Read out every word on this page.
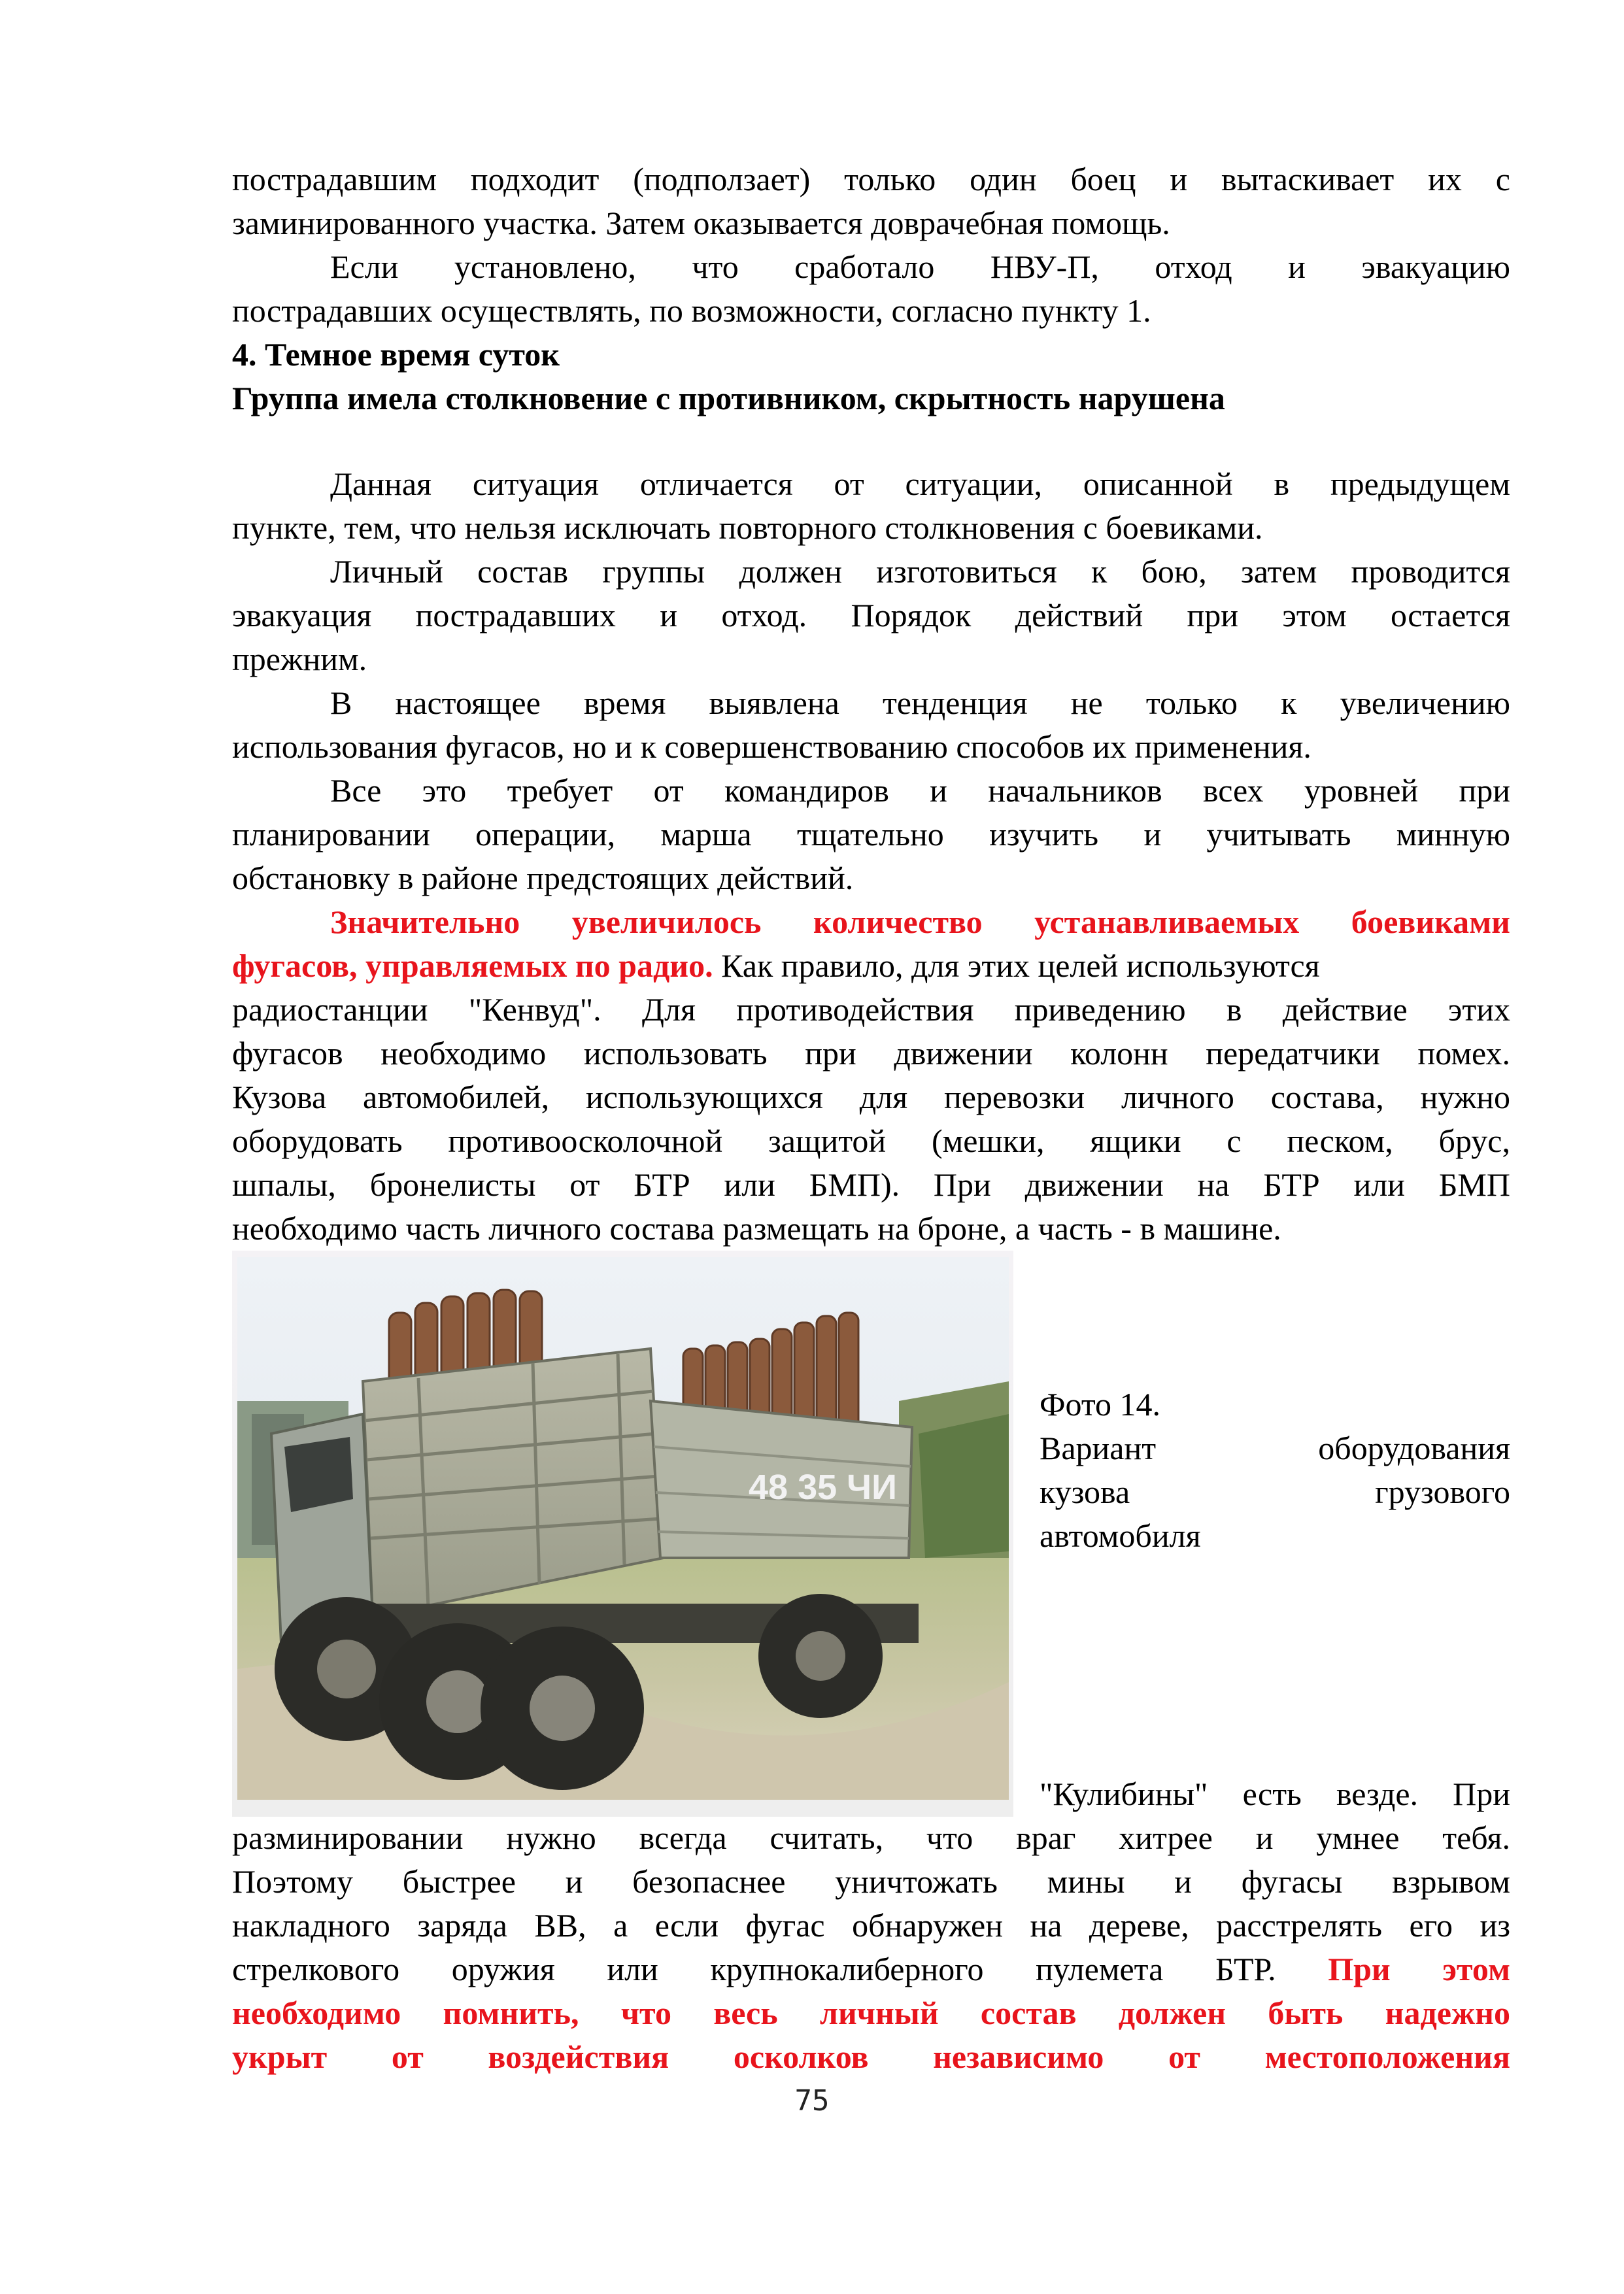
пострадавшим подходит (подползает) только один боец и вытаскивает их с
заминированного участка. Затем оказывается доврачебная помощь.
Если установлено, что сработало НВУ-П, отход и эвакуацию
пострадавших осуществлять, по возможности, согласно пункту 1.
4. Темное время суток
Группа имела столкновение с противником, скрытность нарушена
Данная ситуация отличается от ситуации, описанной в предыдущем
пункте, тем, что нельзя исключать повторного столкновения с боевиками.
Личный состав группы должен изготовиться к бою, затем проводится
эвакуация пострадавших и отход. Порядок действий при этом остается
прежним.
В настоящее время выявлена тенденция не только к увеличению
использования фугасов, но и к совершенствованию способов их применения.
Все это требует от командиров и начальников всех уровней при
планировании операции, марша тщательно изучить и учитывать минную
обстановку в районе предстоящих действий.
Значительно увеличилось количество устанавливаемых боевиками
фугасов, управляемых по радио. Как правило, для этих целей используются
радиостанции "Кенвуд". Для противодействия приведению в действие этих
фугасов необходимо использовать при движении колонн передатчики помех.
Кузова автомобилей, использующихся для перевозки личного состава, нужно
оборудовать противоосколочной защитой (мешки, ящики с песком, брус,
шпалы, бронелисты от БТР или БМП). При движении на БТР или БМП
необходимо часть личного состава размещать на броне, а часть - в машине.
48 35 ЧИ
Фото 14.
Вариант оборудования
кузова грузового
автомобиля
"Кулибины" есть везде. При
разминировании нужно всегда считать, что враг хитрее и умнее тебя.
Поэтому быстрее и безопаснее уничтожать мины и фугасы взрывом
накладного заряда ВВ, а если фугас обнаружен на дереве, расстрелять его из
стрелкового оружия или крупнокалиберного пулемета БТР. При этом
необходимо помнить, что весь личный состав должен быть надежно
укрыт от воздействия осколков независимо от местоположения
75
